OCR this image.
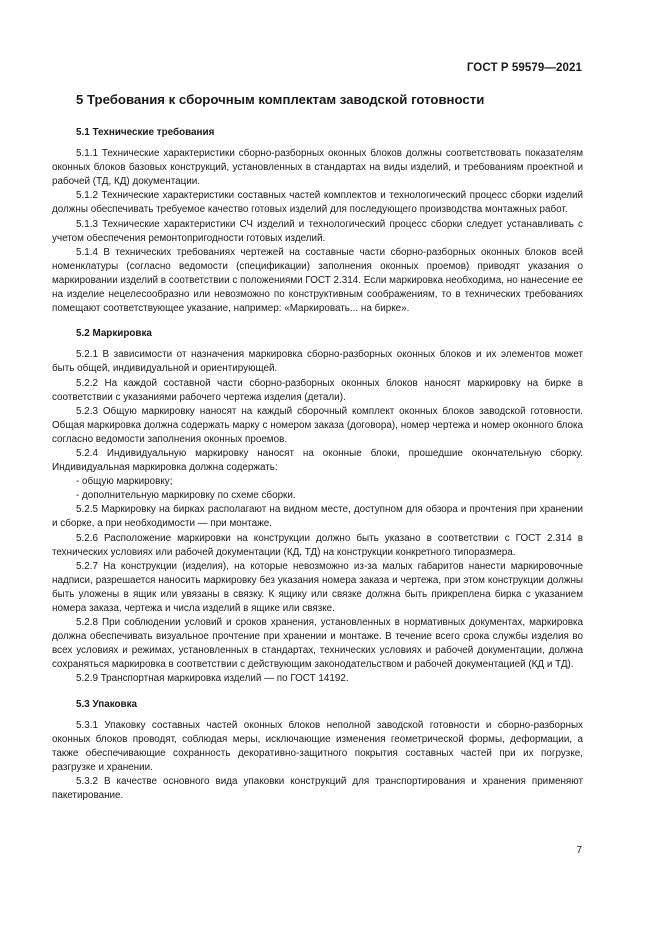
ГОСТ Р 59579—2021
5 Требования к сборочным комплектам заводской готовности
5.1 Технические требования

5.1.1 Технические характеристики сборно-разборных оконных блоков должны соответствовать показателям оконных блоков базовых конструкций, установленных в стандартах на виды изделий, и требованиям проектной и рабочей (ТД, КД) документации.

5.1.2 Технические характеристики составных частей комплектов и технологический процесс сборки изделий должны обеспечивать требуемое качество готовых изделий для последующего производства монтажных работ.

5.1.3 Технические характеристики СЧ изделий и технологический процесс сборки следует устанавливать с учетом обеспечения ремонтопригодности готовых изделий.

5.1.4 В технических требованиях чертежей на составные части сборно-разборных оконных блоков всей номенклатуры (согласно ведомости (спецификации) заполнения оконных проемов) приводят указания о маркировании изделий в соответствии с положениями ГОСТ 2.314. Если маркировка необходима, но нанесение ее на изделие нецелесообразно или невозможно по конструктивным соображениям, то в технических требованиях помещают соответствующее указание, например: «Маркировать... на бирке».

5.2 Маркировка

5.2.1 В зависимости от назначения маркировка сборно-разборных оконных блоков и их элементов может быть общей, индивидуальной и ориентирующей.

5.2.2 На каждой составной части сборно-разборных оконных блоков наносят маркировку на бирке в соответствии с указаниями рабочего чертежа изделия (детали).

5.2.3 Общую маркировку наносят на каждый сборочный комплект оконных блоков заводской готовности. Общая маркировка должна содержать марку с номером заказа (договора), номер чертежа и номер оконного блока согласно ведомости заполнения оконных проемов.

5.2.4 Индивидуальную маркировку наносят на оконные блоки, прошедшие окончательную сборку. Индивидуальная маркировка должна содержать:

- общую маркировку;

- дополнительную маркировку по схеме сборки.

5.2.5 Маркировку на бирках располагают на видном месте, доступном для обзора и прочтения при хранении и сборке, а при необходимости — при монтаже.

5.2.6 Расположение маркировки на конструкции должно быть указано в соответствии с ГОСТ 2.314 в технических условиях или рабочей документации (КД, ТД) на конструкции конкретного типоразмера.

5.2.7 На конструкции (изделия), на которые невозможно из-за малых габаритов нанести маркировочные надписи, разрешается наносить маркировку без указания номера заказа и чертежа, при этом конструкции должны быть уложены в ящик или увязаны в связку. К ящику или связке должна быть прикреплена бирка с указанием номера заказа, чертежа и числа изделий в ящике или связке.

5.2.8 При соблюдении условий и сроков хранения, установленных в нормативных документах, маркировка должна обеспечивать визуальное прочтение при хранении и монтаже. В течение всего срока службы изделия во всех условиях и режимах, установленных в стандартах, технических условиях и рабочей документации, должна сохраняться маркировка в соответствии с действующим законодательством и рабочей документацией (КД и ТД).

5.2.9 Транспортная маркировка изделий — по ГОСТ 14192.

5.3 Упаковка

5.3.1 Упаковку составных частей оконных блоков неполной заводской готовности и сборно-разборных оконных блоков проводят, соблюдая меры, исключающие изменения геометрической формы, деформации, а также обеспечивающие сохранность декоративно-защитного покрытия составных частей при их погрузке, разгрузке и хранении.

5.3.2 В качестве основного вида упаковки конструкций для транспортирования и хранения применяют пакетирование.

7
